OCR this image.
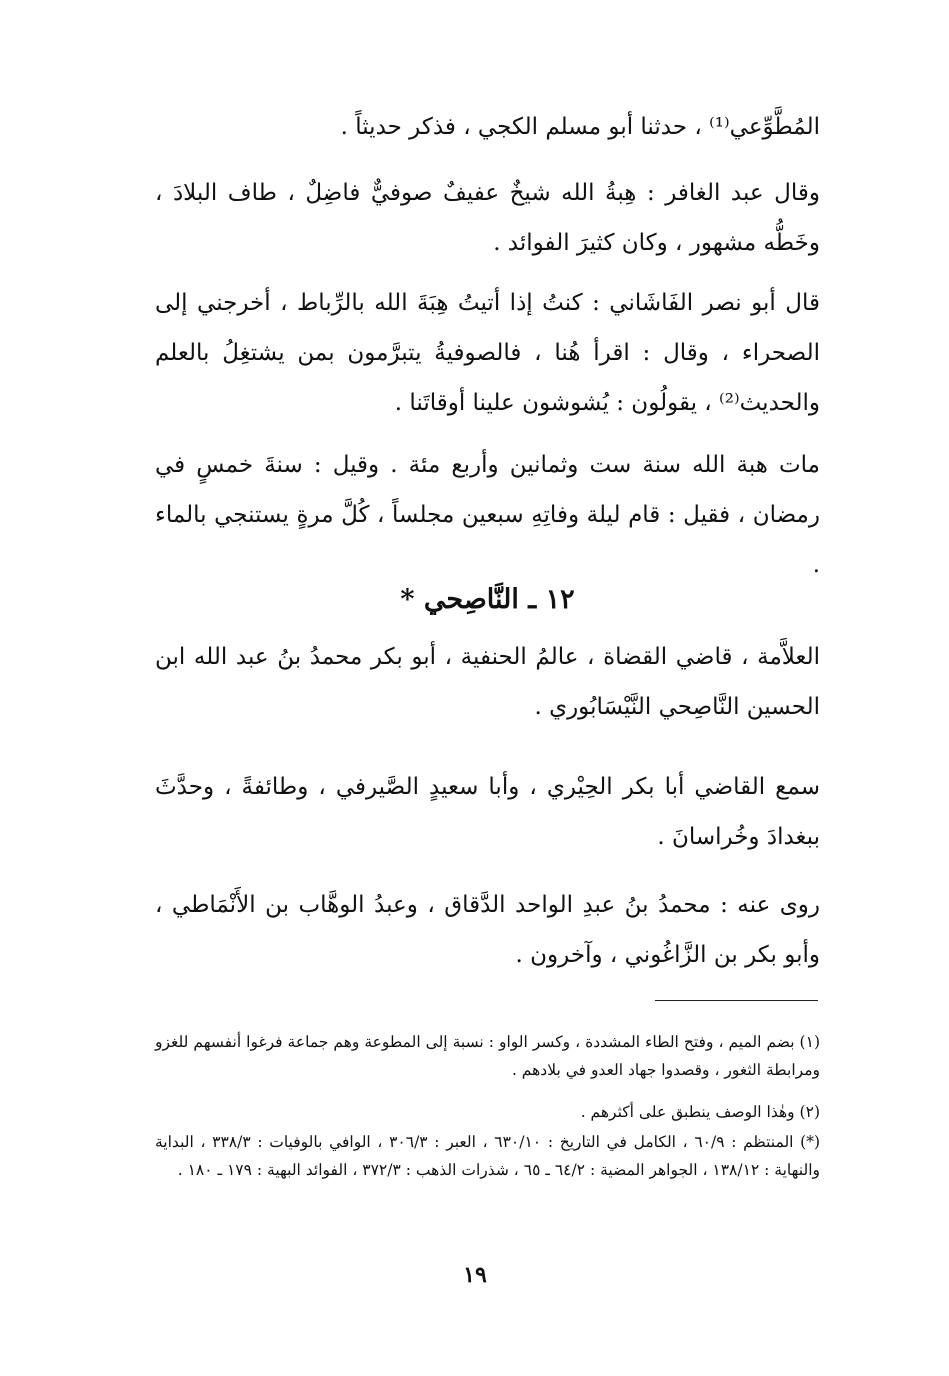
المُطَّوِّعي⁽¹⁾ ، حدثنا أبو مسلم الكجي ، فذكر حديثاً .

وقال عبد الغافر : هِبةُ الله شيخٌ عفيفٌ صوفيٌّ فاضِلٌ ، طاف البلادَ ، وخَطُّه مشهور ، وكان كثيرَ الفوائد .

قال أبو نصر الفَاشَاني : كنتُ إذا أتيتُ هِبَةَ الله بالرِّباط ، أخرجني إلى الصحراء ، وقال : اقرأ هُنا ، فالصوفيةُ يتبرَّمون بمن يشتغِلُ بالعلم والحديث⁽²⁾ ، يقولُون : يُشوشون علينا أوقاتَنا .

مات هبة الله سنة ست وثمانين وأربع مئة . وقيل : سنةَ خمسٍ في رمضان ، فقيل : قام ليلة وفاتِهِ سبعين مجلساً ، كُلَّ مرةٍ يستنجي بالماء .

١٢ ـ النَّاصِحي *

العلاَّمة ، قاضي القضاة ، عالمُ الحنفية ، أبو بكر محمدُ بنُ عبد الله ابن الحسين النَّاصِحي النَّيْسَابُوري .

سمع القاضي أبا بكر الحِيْري ، وأبا سعيدٍ الصَّيرفي ، وطائفةً ، وحدَّثَ ببغدادَ وخُراسانَ .

روى عنه : محمدُ بنُ عبدِ الواحد الدَّقاق ، وعبدُ الوهَّاب بن الأَنْمَاطي ، وأبو بكر بن الزَّاغُوني ، وآخرون .

(١) بضم الميم ، وفتح الطاء المشددة ، وكسر الواو : نسبة إلى المطوعة وهم جماعة فرغوا أنفسهم للغزو ومرابطة الثغور ، وقصدوا جهاد العدو في بلادهم .

(٢) وهٰذا الوصف ينطبق على أكثرهم .

(*) المنتظم : ٦٠/٩ ، الكامل في التاريخ : ٦٣٠/١٠ ، العبر : ٣٠٦/٣ ، الوافي بالوفيات : ٣٣٨/٣ ، البداية والنهاية : ١٣٨/١٢ ، الجواهر المضية : ٦٤/٢ ـ ٦٥ ، شذرات الذهب : ٣٧٢/٣ ، الفوائد البهية : ١٧٩ ـ ١٨٠ .

١٩
